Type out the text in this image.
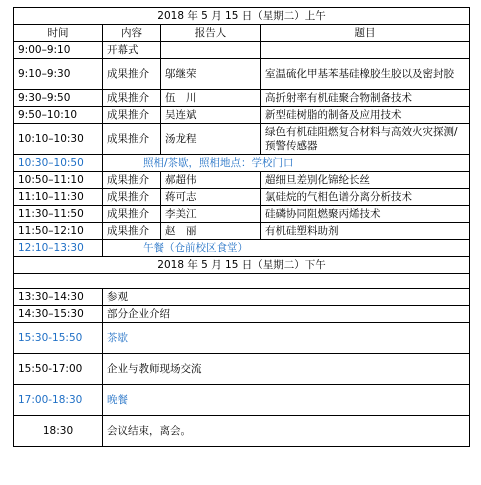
2018 年 5 月 15 日（星期二）上午			
时间	内容	报告人	题目
9:00–9:10	开幕式		
9:10–9:30	成果推介	邬继荣	室温硫化甲基苯基硅橡胶生胶以及密封胶
9:30–9:50	成果推介	伍　川	高折射率有机硅聚合物制备技术
9:50–10:10	成果推介	吴连斌	新型硅树脂的制备及应用技术
10:10–10:30	成果推介	汤龙程	绿色有机硅阻燃复合材料与高效火灾探测/预警传感器
10:30–10:50	照相/茶歇，照相地点：学校门口		
10:50–11:10	成果推介	郝超伟	超细旦差别化锦纶长丝
11:10–11:30	成果推介	蒋可志	氯硅烷的气相色谱分离分析技术
11:30–11:50	成果推介	李美江	硅磷协同阻燃聚丙烯技术
11:50–12:10	成果推介	赵　丽	有机硅塑料助剂
12:10–13:30	午餐（仓前校区食堂）		
2018 年 5 月 15 日（星期二）下午			

13:30–14:30	参观		
14:30–15:30	部分企业介绍		
15:30-15:50	茶歇		
15:50-17:00	企业与教师现场交流		
17:00-18:30	晚餐		
18:30	会议结束，离会。		
